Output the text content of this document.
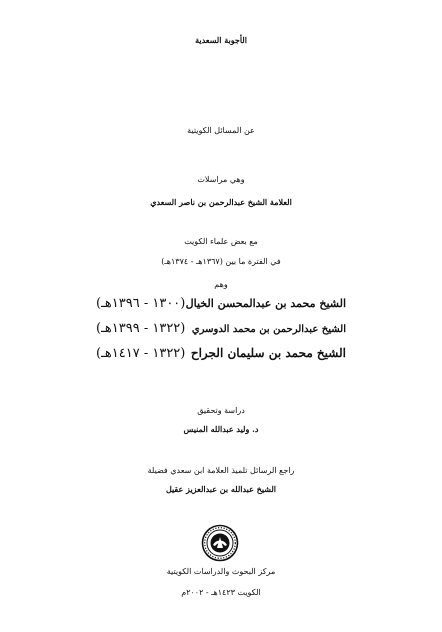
الأجوبة السعدية
عن المسائل الكويتية
وهي مراسلات
العلامة الشيخ عبدالرحمن بن ناصر السعدي
مع بعض علماء الكويت
في الفترة ما بين (١٣٦٧هـ - ١٣٧٤هـ)
وهم
الشيخ محمد بن عبدالمحسن الخيال
(١٣٠٠ - ١٣٩٦هـ)
الشيخ عبدالرحمن بن محمد الدوسري
(١٣٢٢ - ١٣٩٩هـ)
الشيخ محمد بن سليمان الجراح
(١٣٢٢ - ١٤١٧هـ)
دراسة وتحقيق
د. وليد عبدالله المنيس
راجع الرسائل تلميذ العلامة ابن سعدي فضيلة
الشيخ عبدالله بن عبدالعزيز عقيل
مركز البحوث والدراسات الكويتية
الكويت ١٤٢٣هـ - ٢٠٠٢م
